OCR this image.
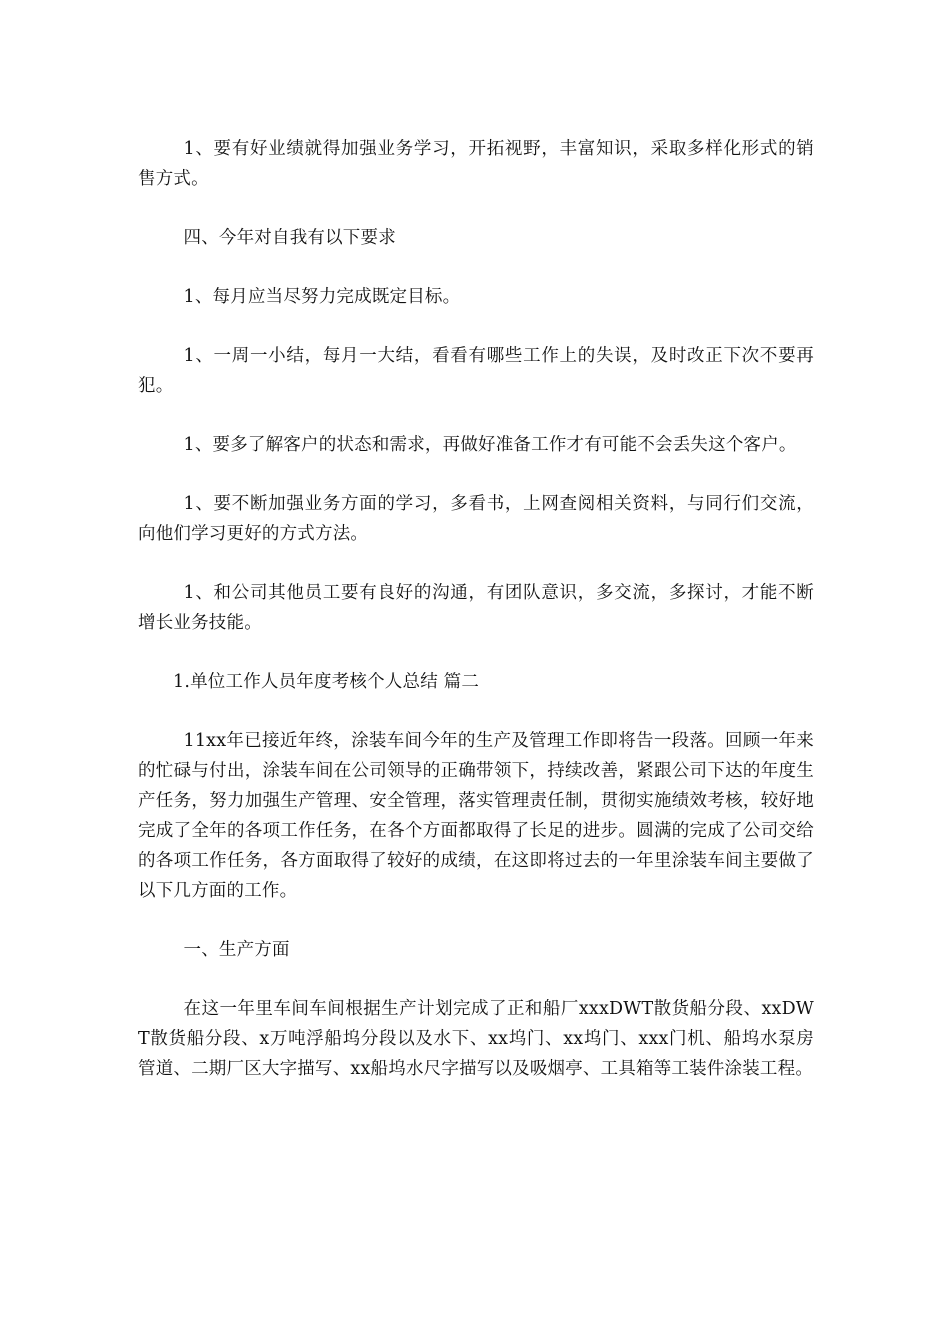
1、要有好业绩就得加强业务学习，开拓视野，丰富知识，采取多样化形式的销售方式。

四、今年对自我有以下要求

1、每月应当尽努力完成既定目标。

1、一周一小结，每月一大结，看看有哪些工作上的失误，及时改正下次不要再犯。

1、要多了解客户的状态和需求，再做好准备工作才有可能不会丢失这个客户。

1、要不断加强业务方面的学习，多看书，上网查阅相关资料，与同行们交流，向他们学习更好的方式方法。

1、和公司其他员工要有良好的沟通，有团队意识，多交流，多探讨，才能不断增长业务技能。

1.单位工作人员年度考核个人总结 篇二

11xx年已接近年终，涂装车间今年的生产及管理工作即将告一段落。回顾一年来的忙碌与付出，涂装车间在公司领导的正确带领下，持续改善，紧跟公司下达的年度生产任务，努力加强生产管理、安全管理，落实管理责任制，贯彻实施绩效考核，较好地完成了全年的各项工作任务，在各个方面都取得了长足的进步。圆满的完成了公司交给的各项工作任务，各方面取得了较好的成绩，在这即将过去的一年里涂装车间主要做了以下几方面的工作。

一、生产方面

在这一年里车间车间根据生产计划完成了正和船厂xxxDWT散货船分段、xxDWT散货船分段、x万吨浮船坞分段以及水下、xx坞门、xx坞门、xxx门机、船坞水泵房管道、二期厂区大字描写、xx船坞水尺字描写以及吸烟亭、工具箱等工装件涂装工程。
